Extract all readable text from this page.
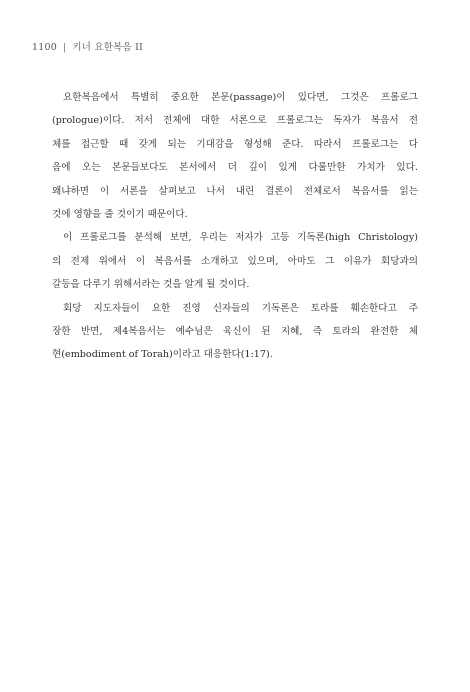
1100 | 키너 요한복음 II
요한복음에서 특별히 중요한 본문(passage)이 있다면, 그것은 프롤로그
(prologue)이다. 저서 전체에 대한 서론으로 프롤로그는 독자가 복음서 전
체를 접근할 때 갖게 되는 기대감을 형성해 준다. 따라서 프롤로그는 다
음에 오는 본문들보다도 본서에서 더 깊이 있게 다룰만한 가치가 있다.
왜냐하면 이 서론을 살펴보고 나서 내린 결론이 전체로서 복음서를 읽는
것에 영향을 줄 것이기 때문이다.
이 프롤로그를 분석해 보면, 우리는 저자가 고등 기독론(high Christology)
의 전제 위에서 이 복음서를 소개하고 있으며, 아마도 그 이유가 회당과의
갈등을 다루기 위해서라는 것을 알게 될 것이다.
회당 지도자들이 요한 진영 신자들의 기독론은 토라를 훼손한다고 주
장한 반면, 제4복음서는 예수님은 육신이 된 지혜, 즉 토라의 완전한 체
현(embodiment of Torah)이라고 대응한다(1:17).
